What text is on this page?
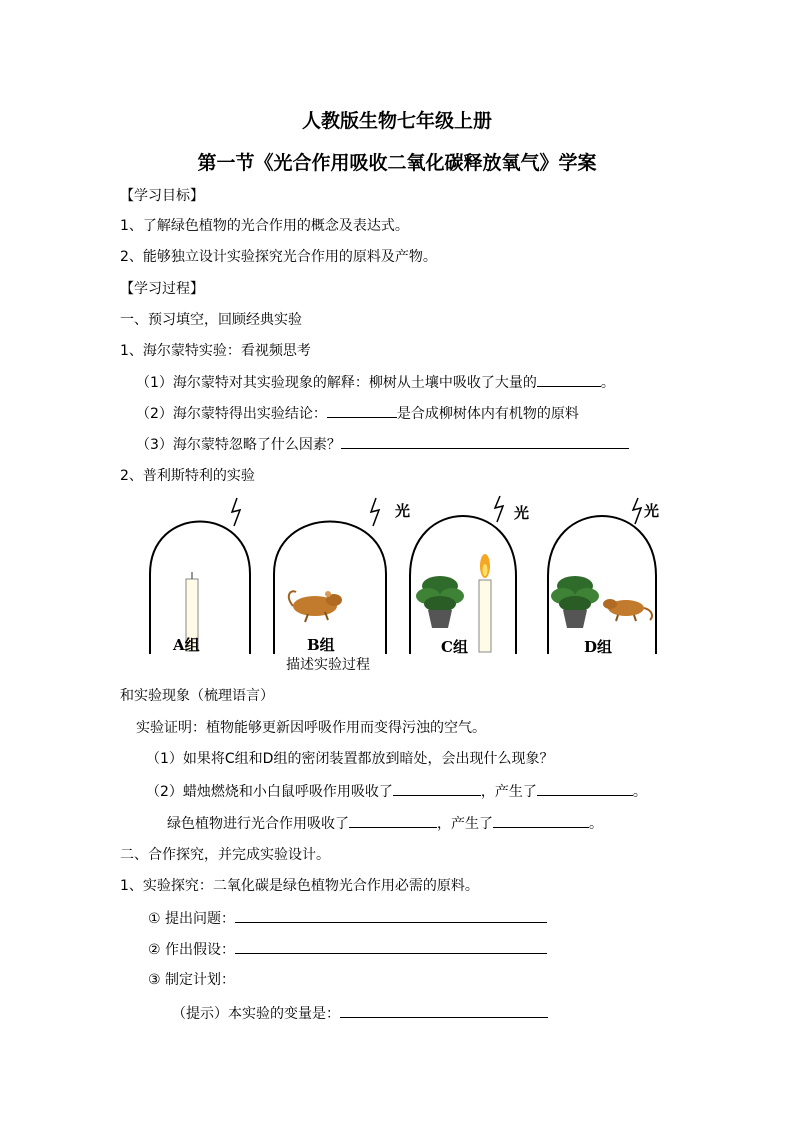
人教版生物七年级上册
第一节《光合作用吸收二氧化碳释放氧气》学案
【学习目标】
1、了解绿色植物的光合作用的概念及表达式。
2、能够独立设计实验探究光合作用的原料及产物。
【学习过程】
一、预习填空，回顾经典实验
1、海尔蒙特实验：看视频思考
（1）海尔蒙特对其实验现象的解释：柳树从土壤中吸收了大量的	。
（2）海尔蒙特得出实验结论：	是合成柳树体内有机物的原料
（3）海尔蒙特忽略了什么因素？
2、普利斯特利的实验
光	光	光
A组	B组	C组	D组
描述实验过程
和实验现象（梳理语言）
实验证明：植物能够更新因呼吸作用而变得污浊的空气。
（1）如果将C组和D组的密闭装置都放到暗处，会出现什么现象？
（2）蜡烛燃烧和小白鼠呼吸作用吸收了	，产生了	。
绿色植物进行光合作用吸收了	，产生了	。
二、合作探究，并完成实验设计。
1、实验探究：二氧化碳是绿色植物光合作用必需的原料。
① 提出问题：
② 作出假设：
③ 制定计划：
（提示）本实验的变量是：
